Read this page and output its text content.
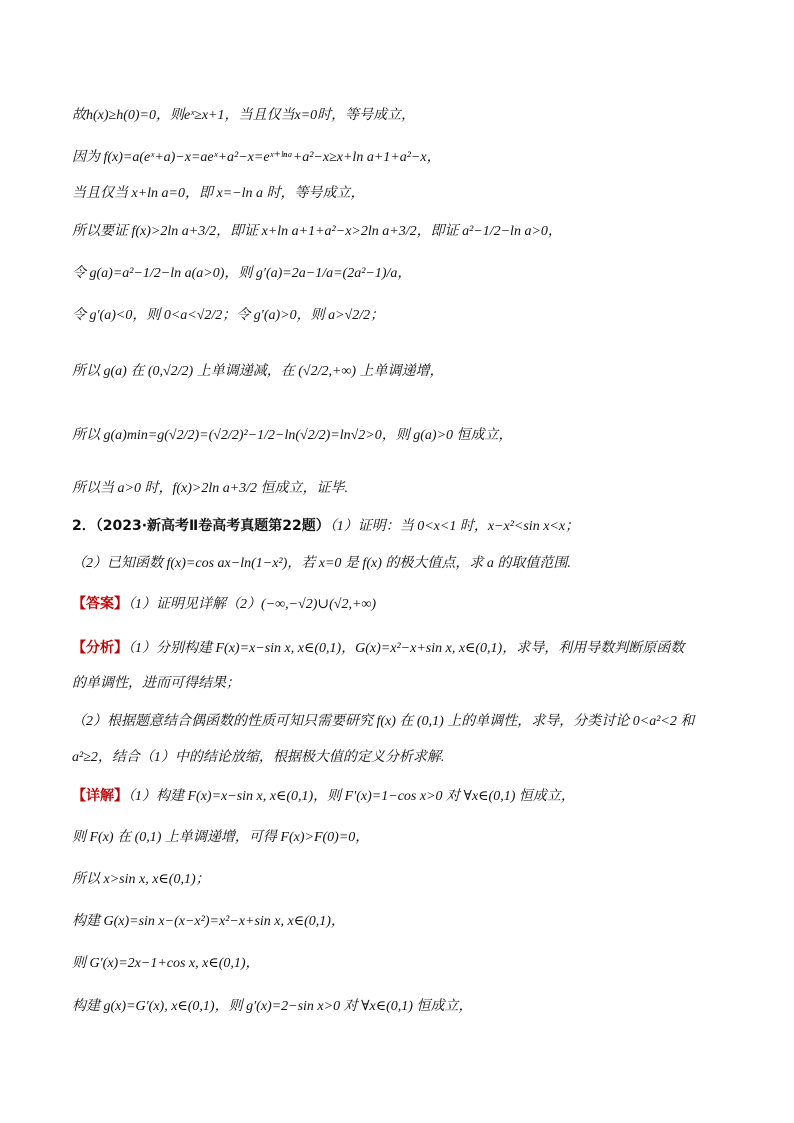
故h(x)≥h(0)=0，则eˣ≥x+1，当且仅当x=0时，等号成立，
因为 f(x)=a(eˣ+a)−x=aeˣ+a²−x=eˣ⁺ˡⁿᵃ+a²−x≥x+ln a+1+a²−x，
当且仅当 x+ln a=0，即 x=−ln a 时，等号成立，
所以要证 f(x)>2ln a+3/2，即证 x+ln a+1+a²−x>2ln a+3/2，即证 a²−1/2−ln a>0，
令 g(a)=a²−1/2−ln a(a>0)，则 g′(a)=2a−1/a=(2a²−1)/a，
令 g′(a)<0，则 0<a<√2/2；令 g′(a)>0，则 a>√2/2；
所以 g(a) 在 (0,√2/2) 上单调递减，在 (√2/2,+∞) 上单调递增，
所以 g(a)min=g(√2/2)=(√2/2)²−1/2−ln(√2/2)=ln√2>0，则 g(a)>0 恒成立，
所以当 a>0 时，f(x)>2ln a+3/2 恒成立，证毕.
2．（2023·新高考Ⅱ卷高考真题第22题）（1）证明：当 0<x<1 时，x−x²<sin x<x；
（2）已知函数 f(x)=cos ax−ln(1−x²)，若 x=0 是 f(x) 的极大值点，求 a 的取值范围.
【答案】（1）证明见详解（2）(−∞,−√2)∪(√2,+∞)
【分析】（1）分别构建 F(x)=x−sin x, x∈(0,1)，G(x)=x²−x+sin x, x∈(0,1)，求导，利用导数判断原函数
的单调性，进而可得结果；
（2）根据题意结合偶函数的性质可知只需要研究 f(x) 在 (0,1) 上的单调性，求导，分类讨论 0<a²<2 和
a²≥2，结合（1）中的结论放缩，根据极大值的定义分析求解.
【详解】（1）构建 F(x)=x−sin x, x∈(0,1)，则 F′(x)=1−cos x>0 对 ∀x∈(0,1) 恒成立，
则 F(x) 在 (0,1) 上单调递增，可得 F(x)>F(0)=0，
所以 x>sin x, x∈(0,1)；
构建 G(x)=sin x−(x−x²)=x²−x+sin x, x∈(0,1)，
则 G′(x)=2x−1+cos x, x∈(0,1)，
构建 g(x)=G′(x), x∈(0,1)，则 g′(x)=2−sin x>0 对 ∀x∈(0,1) 恒成立，
